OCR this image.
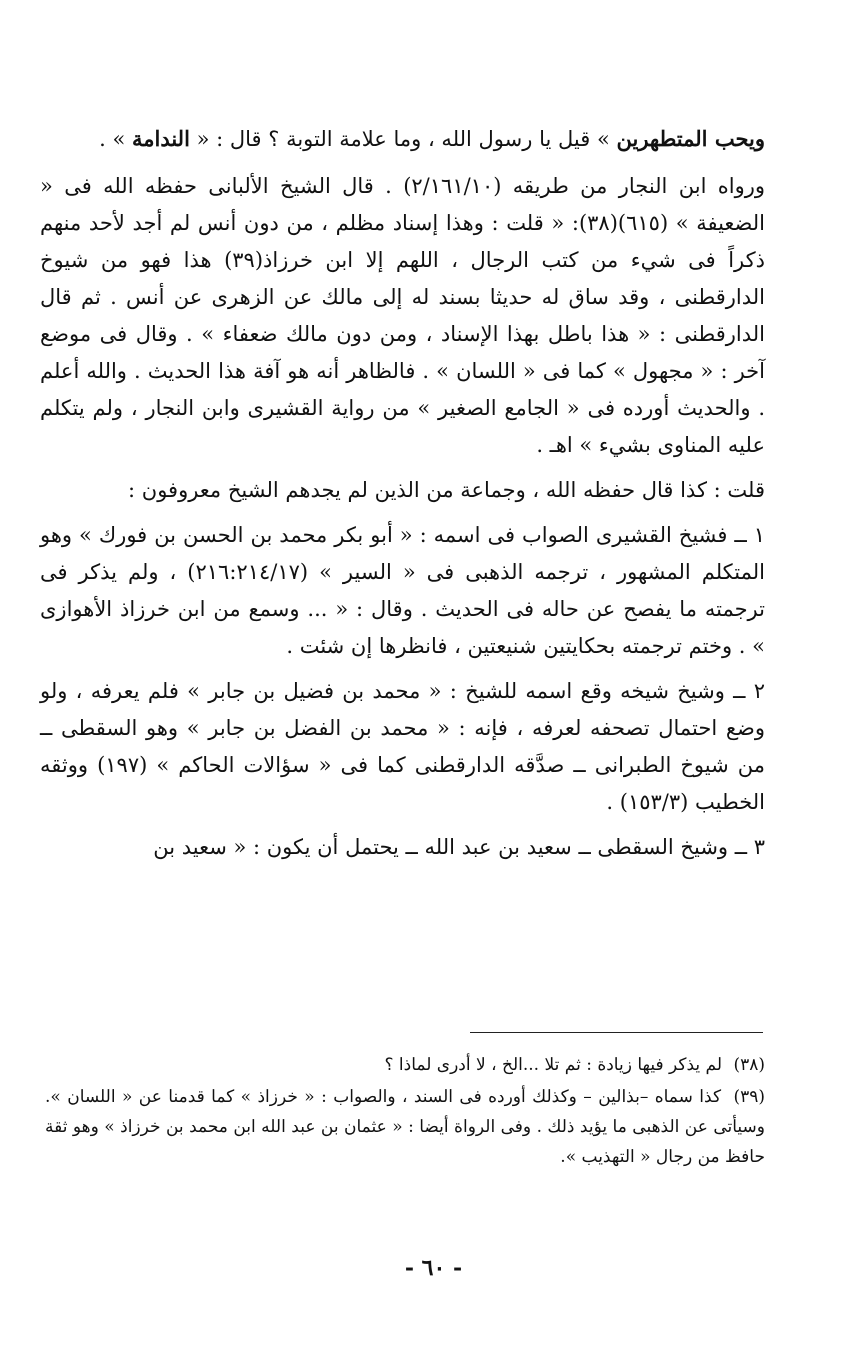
ويحب المتطهرين » قيل يا رسول الله ، وما علامة التوبة ؟ قال : « الندامة » .

ورواه ابن النجار من طريقه (٢/١٦١/١٠) . قال الشيخ الألبانى حفظه الله فى « الضعيفة » (٦١٥)(٣٨): « قلت : وهذا إسناد مظلم ، من دون أنس لم أجد لأحد منهم ذكراً فى شيء من كتب الرجال ، اللهم إلا ابن خرزاذ(٣٩) هذا فهو من شيوخ الدارقطنى ، وقد ساق له حديثا بسند له إلى مالك عن الزهرى عن أنس . ثم قال الدارقطنى : « هذا باطل بهذا الإسناد ، ومن دون مالك ضعفاء » . وقال فى موضع آخر : « مجهول » كما فى « اللسان » . فالظاهر أنه هو آفة هذا الحديث . والله أعلم . والحديث أورده فى « الجامع الصغير » من رواية القشيرى وابن النجار ، ولم يتكلم عليه المناوى بشيء » اهـ .

قلت : كذا قال حفظه الله ، وجماعة من الذين لم يجدهم الشيخ معروفون :

١ ــ فشيخ القشيرى الصواب فى اسمه : « أبو بكر محمد بن الحسن بن فورك » وهو المتكلم المشهور ، ترجمه الذهبى فى « السير » (٢١٦:٢١٤/١٧) ، ولم يذكر فى ترجمته ما يفصح عن حاله فى الحديث . وقال : « ... وسمع من ابن خرزاذ الأهوازى » . وختم ترجمته بحكايتين شنيعتين ، فانظرها إن شئت .

٢ ــ وشيخ شيخه وقع اسمه للشيخ : « محمد بن فضيل بن جابر » فلم يعرفه ، ولو وضع احتمال تصحفه لعرفه ، فإنه : « محمد بن الفضل بن جابر » وهو السقطى ــ من شيوخ الطبرانى ــ صدَّقه الدارقطنى كما فى « سؤالات الحاكم » (١٩٧) ووثقه الخطيب (١٥٣/٣) .

٣ ــ وشيخ السقطى ــ سعيد بن عبد الله ــ يحتمل أن يكون : « سعيد بن

(٣٨) لم يذكر فيها زيادة : ثم تلا ...الخ ، لا أدرى لماذا ؟

(٣٩) كذا سماه –بذالين – وكذلك أورده فى السند ، والصواب : « خرزاذ » كما قدمنا عن « اللسان ». وسيأتى عن الذهبى ما يؤيد ذلك . وفى الرواة أيضا : « عثمان بن عبد الله ابن محمد بن خرزاذ » وهو ثقة حافظ من رجال « التهذيب ».

- ٦٠ -
